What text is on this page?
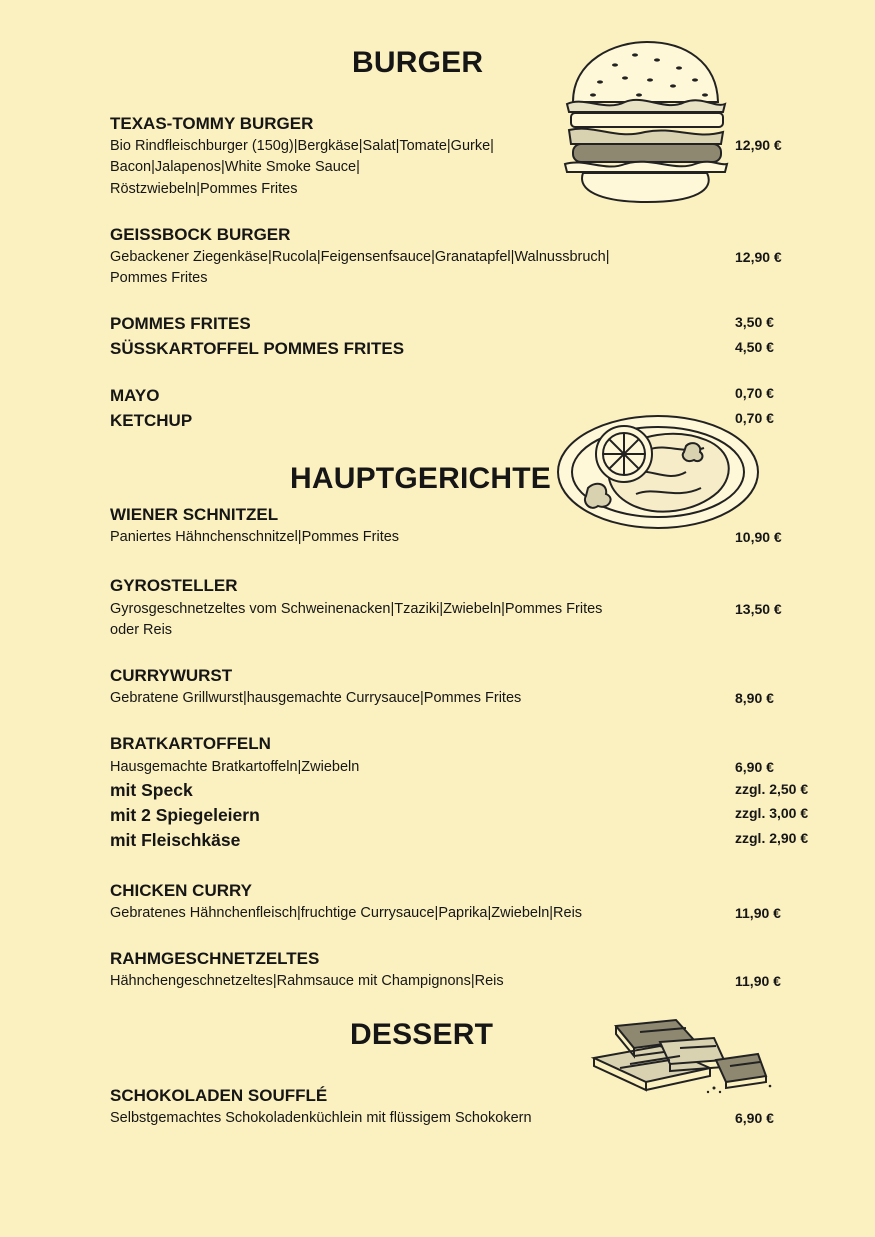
BURGER
TEXAS-TOMMY BURGER
Bio Rindfleischburger (150g)|Bergkäse|Salat|Tomate|Gurke|
Bacon|Jalapenos|White Smoke Sauce|
Röstzwiebeln|Pommes Frites
12,90 €
GEISSBOCK BURGER
Gebackener Ziegenkäse|Rucola|Feigensenfsauce|Granatapfel|Walnussbruch|
Pommes Frites
12,90 €
POMMES FRITES	3,50 €
SÜSSKARTOFFEL POMMES FRITES	4,50 €
MAYO	0,70 €
KETCHUP	0,70 €
HAUPTGERICHTE
WIENER SCHNITZEL
Paniertes Hähnchenschnitzel|Pommes Frites	10,90 €
GYROSTELLER
Gyrosgeschnetzeltes vom Schweinenacken|Tzaziki|Zwiebeln|Pommes Frites
oder Reis
13,50 €
CURRYWURST
Gebratene Grillwurst|hausgemachte Currysauce|Pommes Frites	8,90 €
BRATKARTOFFELN
Hausgemachte Bratkartoffeln|Zwiebeln	6,90 €
mit Speck	zzgl. 2,50 €
mit 2 Spiegeleiern	zzgl. 3,00 €
mit Fleischkäse	zzgl. 2,90 €
CHICKEN CURRY
Gebratenes Hähnchenfleisch|fruchtige Currysauce|Paprika|Zwiebeln|Reis	11,90 €
RAHMGESCHNETZELTES
Hähnchengeschnetzeltes|Rahmsauce mit Champignons|Reis	11,90 €
DESSERT
SCHOKOLADEN SOUFFLÉ
Selbstgemachtes Schokoladenküchlein mit flüssigem Schokokern	6,90 €
